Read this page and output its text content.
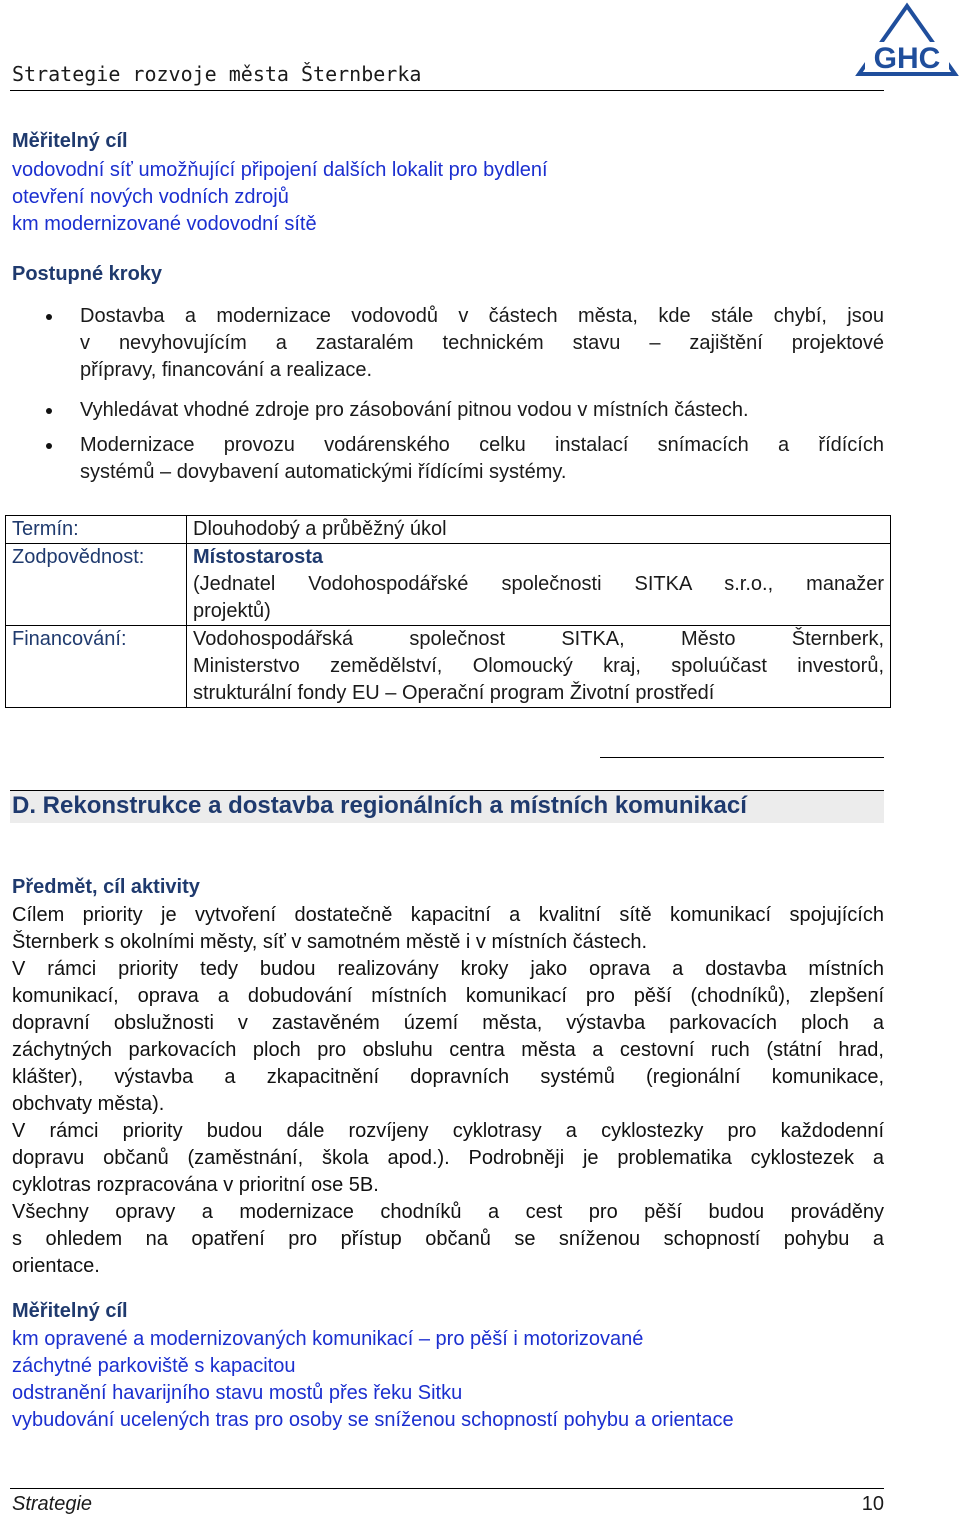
Strategie rozvoje města Šternberka	GHC
Měřitelný cíl
vodovodní síť umožňující připojení dalších lokalit pro bydlení
otevření nových vodních zdrojů
km modernizované vodovodní sítě
Postupné kroky
Dostavba a modernizace vodovodů v částech města, kde stále chybí, jsou
v nevyhovujícím a zastaralém technickém stavu – zajištění projektové
přípravy, financování a realizace.
Vyhledávat vhodné zdroje pro zásobování pitnou vodou v místních částech.
Modernizace provozu vodárenského celku instalací snímacích a řídících
systémů – dovybavení automatickými řídícími systémy.
Termín:	Dlouhodobý a průběžný úkol
Zodpovědnost:	Místostarosta
(Jednatel Vodohospodářské společnosti SITKA s.r.o., manažer
projektů)

Financování:	Vodohospodářská společnost SITKA, Město Šternberk,
Ministerstvo zemědělství, Olomoucký kraj, spoluúčast investorů,
strukturální fondy EU – Operační program Životní prostředí
D. Rekonstrukce a dostavba regionálních a místních komunikací
Předmět, cíl aktivity
Cílem priority je vytvoření dostatečně kapacitní a kvalitní sítě komunikací spojujících
Šternberk s okolními městy, síť v samotném městě i v místních částech.
V rámci priority tedy budou realizovány kroky jako oprava a dostavba místních
komunikací, oprava a dobudování místních komunikací pro pěší (chodníků), zlepšení
dopravní obslužnosti v zastavěném území města, výstavba parkovacích ploch a
záchytných parkovacích ploch pro obsluhu centra města a cestovní ruch (státní hrad,
klášter), výstavba a zkapacitnění dopravních systémů (regionální komunikace,
obchvaty města).
V rámci priority budou dále rozvíjeny cyklotrasy a cyklostezky pro každodenní
dopravu občanů (zaměstnání, škola apod.). Podrobněji je problematika cyklostezek a
cyklotras rozpracována v prioritní ose 5B.
Všechny opravy a modernizace chodníků a cest pro pěší budou prováděny
s ohledem na opatření pro přístup občanů se sníženou schopností pohybu a
orientace.
Měřitelný cíl
km opravené a modernizovaných komunikací – pro pěší i motorizované
záchytné parkoviště s kapacitou
odstranění havarijního stavu mostů přes řeku Sitku
vybudování ucelených tras pro osoby se sníženou schopností pohybu a orientace
Strategie	10
